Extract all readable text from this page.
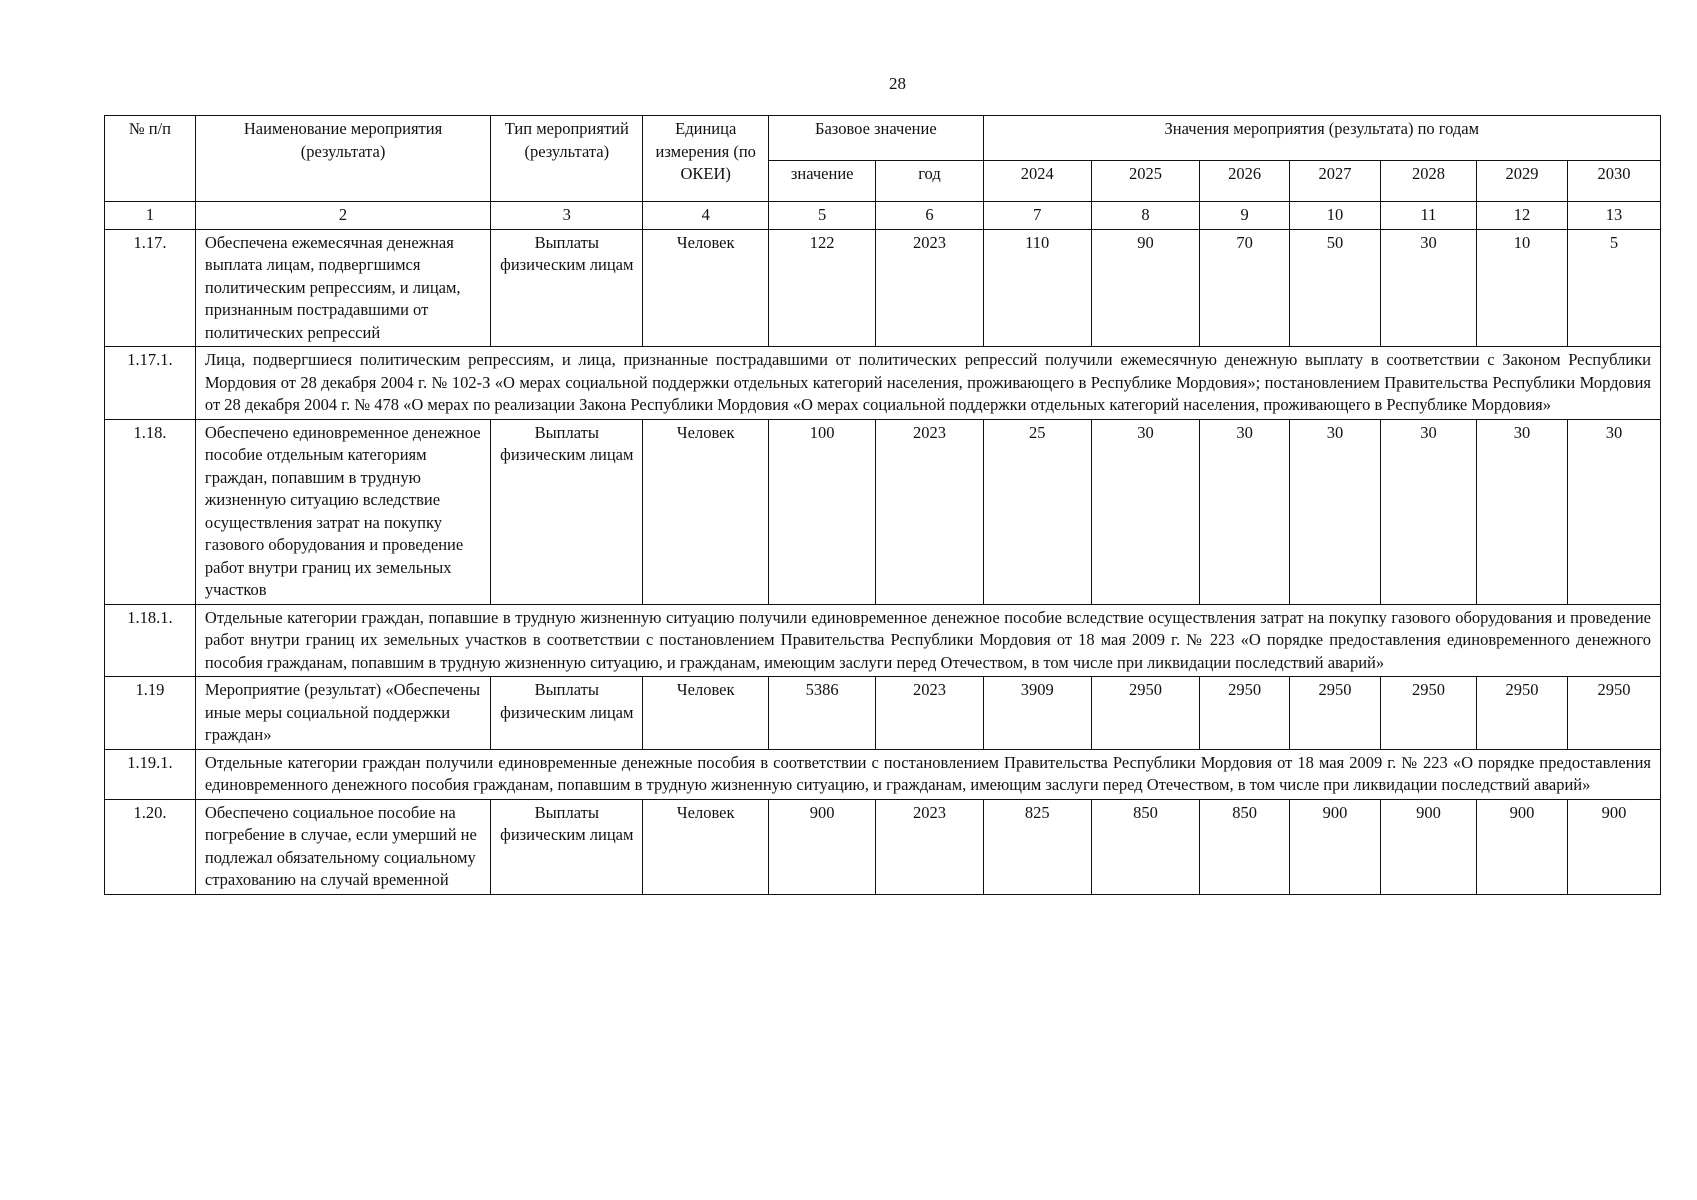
28
№ п/п	Наименование мероприятия (результата)	Тип мероприятий (результата)	Единица измерения (по ОКЕИ)	Базовое значение		Значения мероприятия (результата) по годам						
				значение	год	2024	2025	2026	2027	2028	2029	2030
1	2	3	4	5	6	7	8	9	10	11	12	13
1.17.	Обеспечена ежемесячная денежная выплата лицам, подвергшимся политическим репрессиям, и лицам, признанным пострадавшими от политических репрессий	Выплаты физическим лицам	Человек	122	2023	110	90	70	50	30	10	5
1.17.1.	Лица, подвергшиеся политическим репрессиям, и лица, признанные пострадавшими от политических репрессий получили ежемесячную денежную выплату в соответствии с Законом Республики Мордовия от 28 декабря 2004 г. № 102-З «О мерах социальной поддержки отдельных категорий населения, проживающего в Республике Мордовия»; постановлением Правительства Республики Мордовия от 28 декабря 2004 г. № 478 «О мерах по реализации Закона Республики Мордовия «О мерах социальной поддержки отдельных категорий населения, проживающего в Республике Мордовия»											
1.18.	Обеспечено единовременное денежное пособие отдельным категориям граждан, попавшим в трудную жизненную ситуацию вследствие осуществления затрат на покупку газового оборудования и проведение работ внутри границ их земельных участков	Выплаты физическим лицам	Человек	100	2023	25	30	30	30	30	30	30
1.18.1.	Отдельные категории граждан, попавшие в трудную жизненную ситуацию получили единовременное денежное пособие вследствие осуществления затрат на покупку газового оборудования и проведение работ внутри границ их земельных участков в соответствии с постановлением Правительства Республики Мордовия от 18 мая 2009 г. № 223 «О порядке предоставления единовременного денежного пособия гражданам, попавшим в трудную жизненную ситуацию, и гражданам, имеющим заслуги перед Отечеством, в том числе при ликвидации последствий аварий»											
1.19	Мероприятие (результат) «Обеспечены иные меры социальной поддержки граждан»	Выплаты физическим лицам	Человек	5386	2023	3909	2950	2950	2950	2950	2950	2950
1.19.1.	Отдельные категории граждан получили единовременные денежные пособия в соответствии с постановлением Правительства Республики Мордовия от 18 мая 2009 г. № 223 «О порядке предоставления единовременного денежного пособия гражданам, попавшим в трудную жизненную ситуацию, и гражданам, имеющим заслуги перед Отечеством, в том числе при ликвидации последствий аварий»											
1.20.	Обеспечено социальное пособие на погребение в случае, если умерший не подлежал обязательному социальному страхованию на случай временной	Выплаты физическим лицам	Человек	900	2023	825	850	850	900	900	900	900
